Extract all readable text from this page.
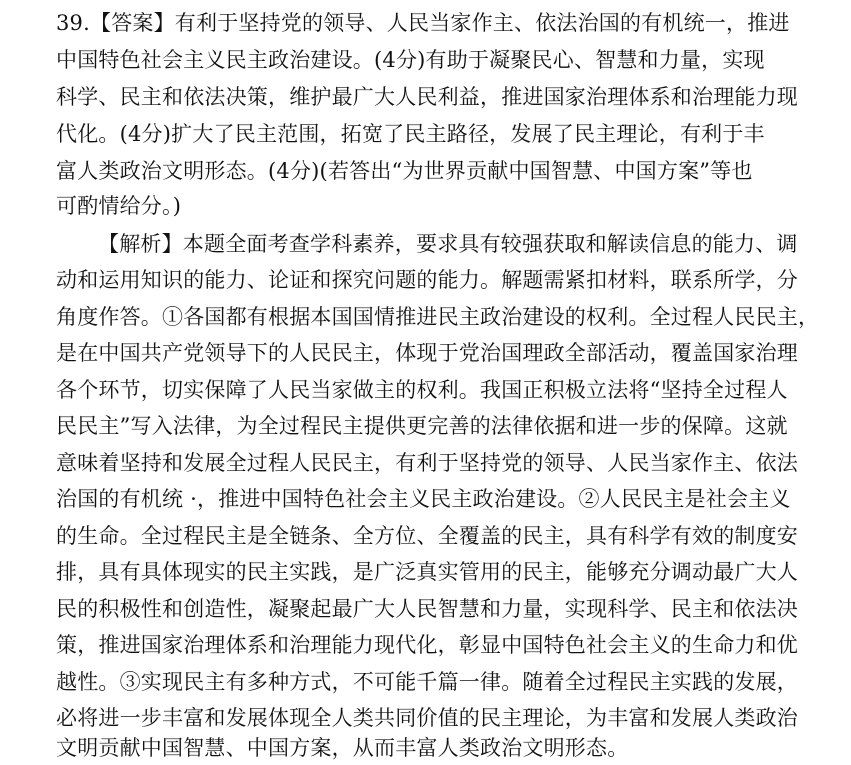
39.【答案】有利于坚持党的领导、人民当家作主、依法治国的有机统一，推进
中国特色社会主义民主政治建设。(4分)有助于凝聚民心、智慧和力量，实现
科学、民主和依法决策，维护最广大人民利益，推进国家治理体系和治理能力现
代化。(4分)扩大了民主范围，拓宽了民主路径，发展了民主理论，有利于丰
富人类政治文明形态。(4分)(若答出“为世界贡献中国智慧、中国方案”等也
可酌情给分。)
【解析】本题全面考查学科素养，要求具有较强获取和解读信息的能力、调
动和运用知识的能力、论证和探究问题的能力。解题需紧扣材料，联系所学，分
角度作答。①各国都有根据本国国情推进民主政治建设的权利。全过程人民民主，
是在中国共产党领导下的人民民主，体现于党治国理政全部活动，覆盖国家治理
各个环节，切实保障了人民当家做主的权利。我国正积极立法将“坚持全过程人
民民主”写入法律，为全过程民主提供更完善的法律依据和进一步的保障。这就
意味着坚持和发展全过程人民民主，有利于坚持党的领导、人民当家作主、依法
治国的有机统 ·，推进中国特色社会主义民主政治建设。②人民民主是社会主义
的生命。全过程民主是全链条、全方位、全覆盖的民主，具有科学有效的制度安
排，具有具体现实的民主实践，是广泛真实管用的民主，能够充分调动最广大人
民的积极性和创造性，凝聚起最广大人民智慧和力量，实现科学、民主和依法决
策，推进国家治理体系和治理能力现代化，彰显中国特色社会主义的生命力和优
越性。③实现民主有多种方式，不可能千篇一律。随着全过程民主实践的发展，
必将进一步丰富和发展体现全人类共同价值的民主理论，为丰富和发展人类政治
文明贡献中国智慧、中国方案，从而丰富人类政治文明形态。
